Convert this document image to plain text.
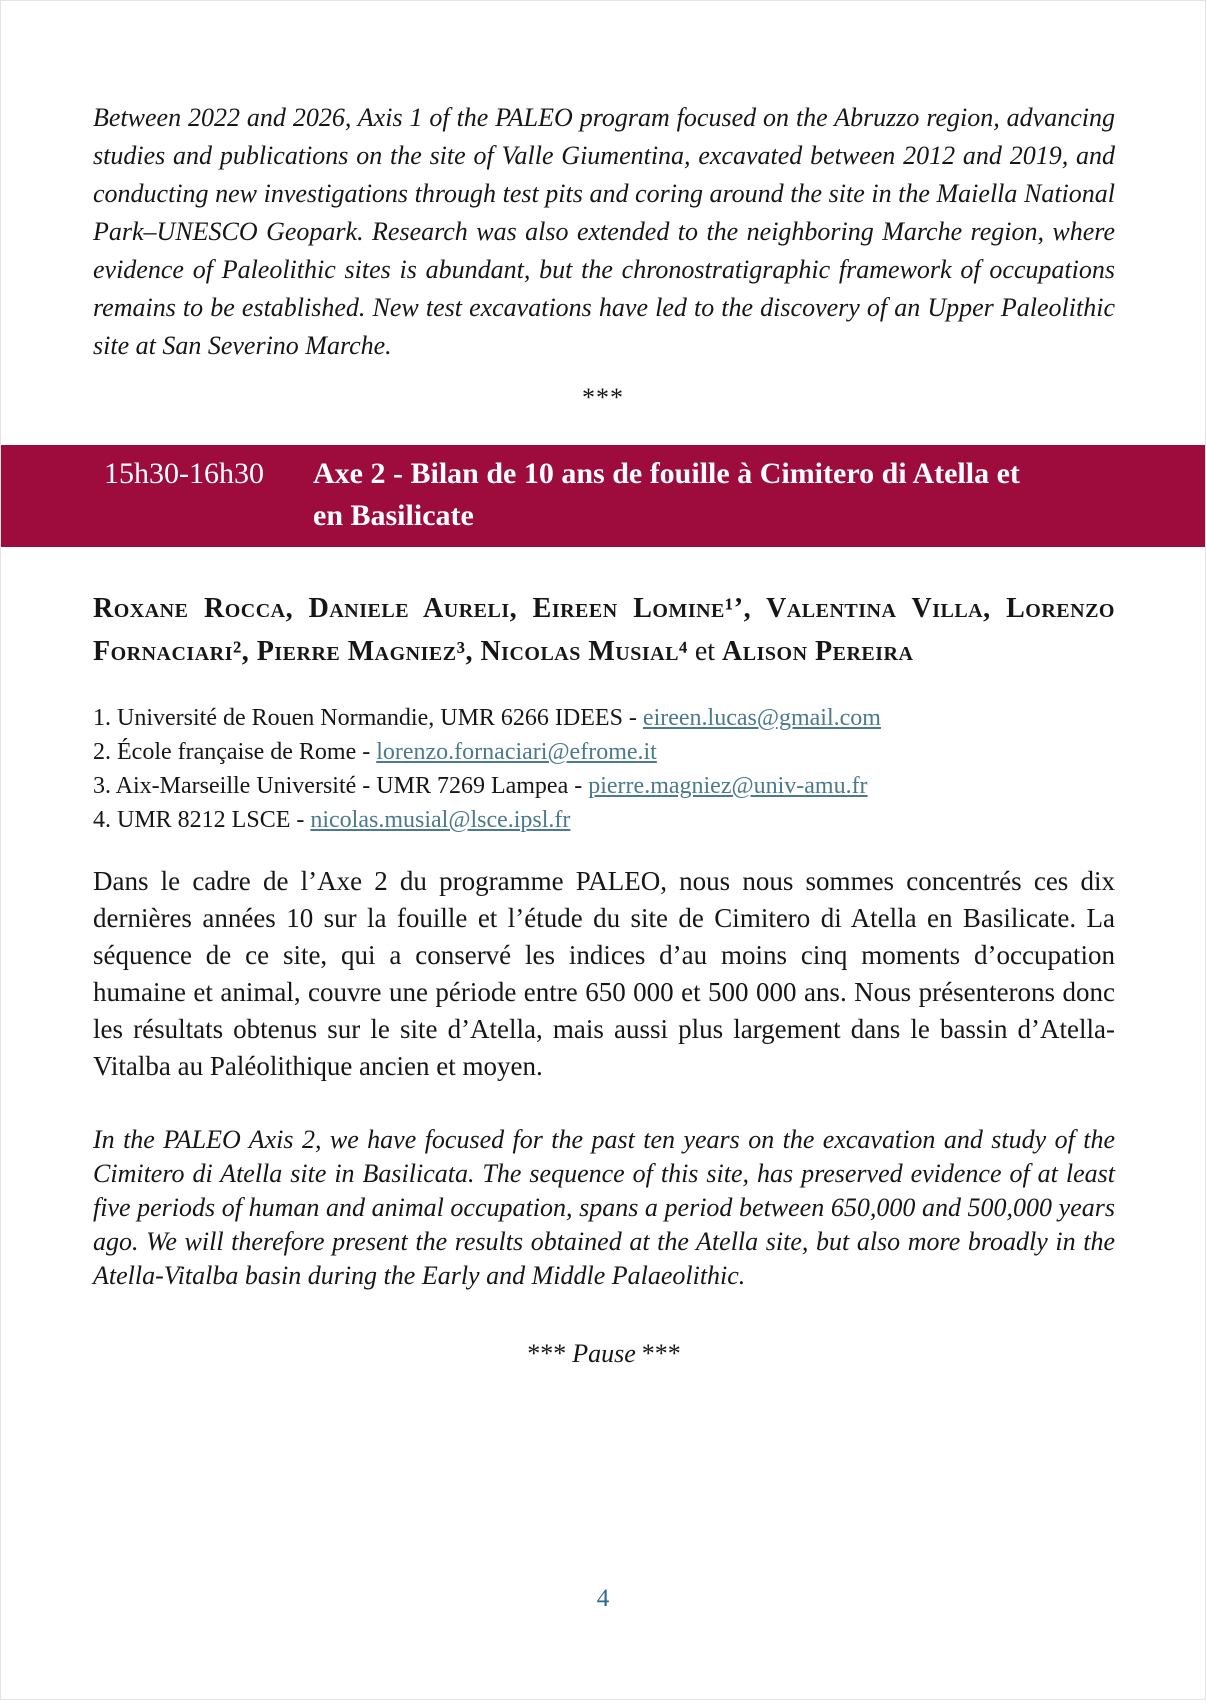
Between 2022 and 2026, Axis 1 of the PALEO program focused on the Abruzzo region, advancing studies and publications on the site of Valle Giumentina, excavated between 2012 and 2019, and conducting new investigations through test pits and coring around the site in the Maiella National Park–UNESCO Geopark. Research was also extended to the neighboring Marche region, where evidence of Paleolithic sites is abundant, but the chronostratigraphic framework of occupations remains to be established. New test excavations have led to the discovery of an Upper Paleolithic site at San Severino Marche.

***
15h30-16h30	Axe 2 - Bilan de 10 ans de fouille à Cimitero di Atella et
en Basilicate

Roxane Rocca, Daniele Aureli, Eireen Lomine¹ʼ, Valentina Villa, Lorenzo Fornaciari², Pierre Magniez³, Nicolas Musial⁴ et Alison Pereira

1. Université de Rouen Normandie, UMR 6266 IDEES - eireen.lucas@gmail.com
2. École française de Rome - lorenzo.fornaciari@efrome.it
3. Aix-Marseille Université - UMR 7269 Lampea - pierre.magniez@univ-amu.fr
4. UMR 8212 LSCE - nicolas.musial@lsce.ipsl.fr

Dans le cadre de l’Axe 2 du programme PALEO, nous nous sommes concentrés ces dix dernières années 10 sur la fouille et l’étude du site de Cimitero di Atella en Basilicate. La séquence de ce site, qui a conservé les indices d’au moins cinq moments d’occupation humaine et animal, couvre une période entre 650 000 et 500 000 ans. Nous présenterons donc les résultats obtenus sur le site d’Atella, mais aussi plus largement dans le bassin d’Atella-Vitalba au Paléolithique ancien et moyen.

In the PALEO Axis 2, we have focused for the past ten years on the excavation and study of the Cimitero di Atella site in Basilicata. The sequence of this site, has preserved evidence of at least five periods of human and animal occupation, spans a period between 650,000 and 500,000 years ago. We will therefore present the results obtained at the Atella site, but also more broadly in the Atella-Vitalba basin during the Early and Middle Palaeolithic.

*** Pause ***
4
